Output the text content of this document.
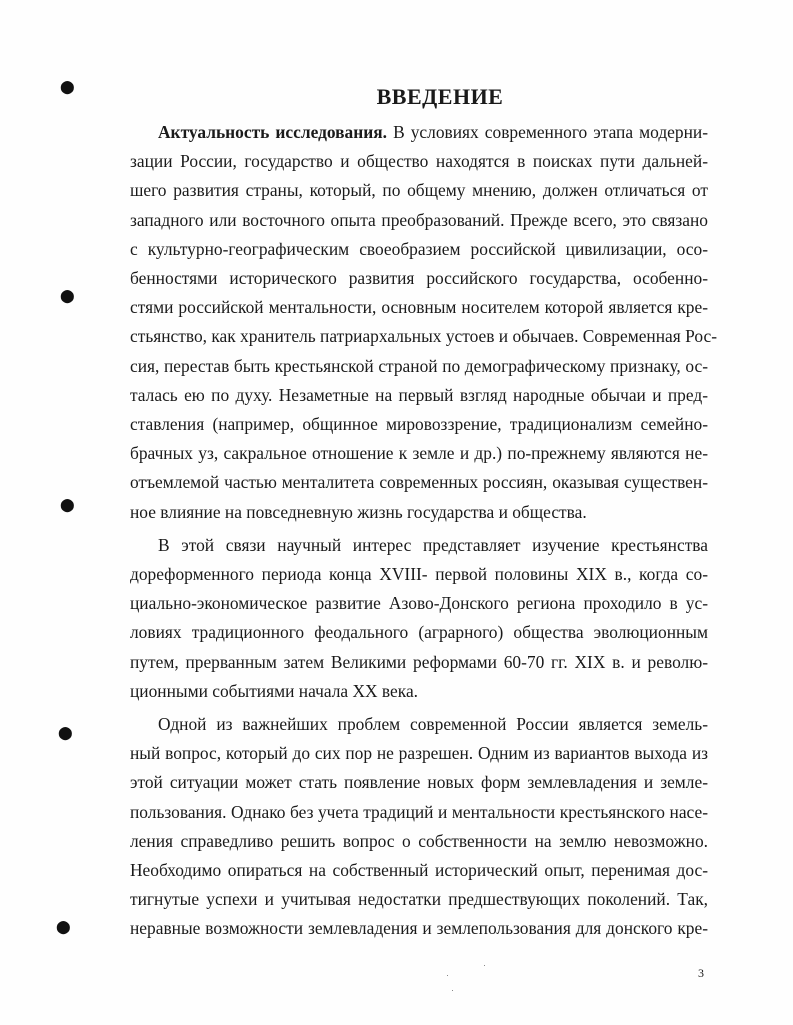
⬤
⬤
⬤
⬤
⬤
ВВЕДЕНИЕ

Актуальность исследования. В условиях современного этапа модерни-
зации России, государство и общество находятся в поисках пути дальней-
шего развития страны, который, по общему мнению, должен отличаться от
западного или восточного опыта преобразований. Прежде всего, это связано
с культурно-географическим своеобразием российской цивилизации, осо-
бенностями исторического развития российского государства, особенно-
стями российской ментальности, основным носителем которой является кре-
стьянство, как хранитель патриархальных устоев и обычаев. Современная Рос-
сия, перестав быть крестьянской страной по демографическому признаку, ос-
талась ею по духу. Незаметные на первый взгляд народные обычаи и пред-
ставления (например, общинное мировоззрение, традиционализм семейно-
брачных уз, сакральное отношение к земле и др.) по-прежнему являются не-
отъемлемой частью менталитета современных россиян, оказывая существен-
ное влияние на повседневную жизнь государства и общества.

В этой связи научный интерес представляет изучение крестьянства
дореформенного периода конца XVIII- первой половины XIX в., когда со-
циально-экономическое развитие Азово-Донского региона проходило в ус-
ловиях традиционного феодального (аграрного) общества эволюционным
путем, прерванным затем Великими реформами 60-70 гг. XIX в. и револю-
ционными событиями начала XX века.

Одной из важнейших проблем современной России является земель-
ный вопрос, который до сих пор не разрешен. Одним из вариантов выхода из
этой ситуации может стать появление новых форм землевладения и земле-
пользования. Однако без учета традиций и ментальности крестьянского насе-
ления справедливо решить вопрос о собственности на землю невозможно.
Необходимо опираться на собственный исторический опыт, перенимая дос-
тигнутые успехи и учитывая недостатки предшествующих поколений. Так,
неравные возможности землевладения и землепользования для донского кре-

3
